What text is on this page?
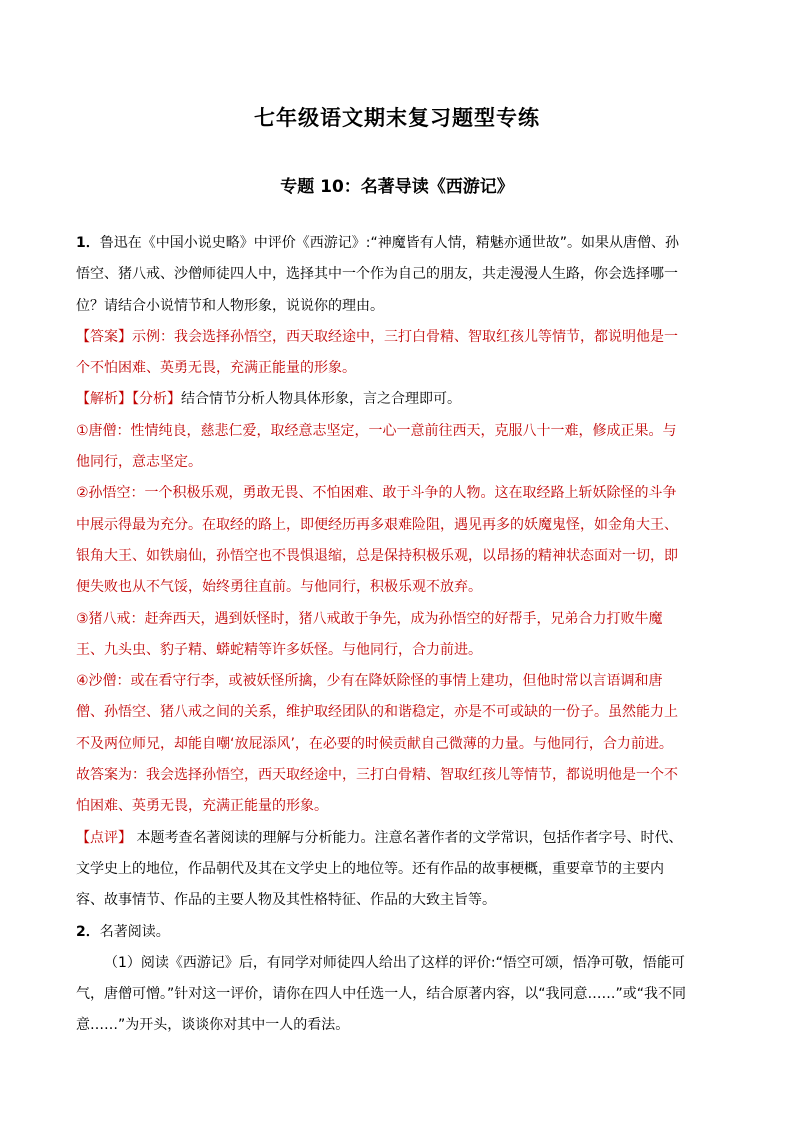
七年级语文期末复习题型专练
专题 10：名著导读《西游记》
1．鲁迅在《中国小说史略》中评价《西游记》:“神魔皆有人情，精魅亦通世故”。如果从唐僧、孙
悟空、猪八戒、沙僧师徒四人中，选择其中一个作为自己的朋友，共走漫漫人生路，你会选择哪一
位？请结合小说情节和人物形象，说说你的理由。
【答案】示例：我会选择孙悟空，西天取经途中，三打白骨精、智取红孩儿等情节，都说明他是一
个不怕困难、英勇无畏，充满正能量的形象。
【解析】【分析】结合情节分析人物具体形象，言之合理即可。
①唐僧：性情纯良，慈悲仁爱，取经意志坚定，一心一意前往西天，克服八十一难，修成正果。与
他同行，意志坚定。
②孙悟空：一个积极乐观，勇敢无畏、不怕困难、敢于斗争的人物。这在取经路上斩妖除怪的斗争
中展示得最为充分。在取经的路上，即便经历再多艰难险阻，遇见再多的妖魔鬼怪，如金角大王、
银角大王、如铁扇仙，孙悟空也不畏惧退缩，总是保持积极乐观，以昂扬的精神状态面对一切，即
便失败也从不气馁，始终勇往直前。与他同行，积极乐观不放弃。
③猪八戒：赶奔西天，遇到妖怪时，猪八戒敢于争先，成为孙悟空的好帮手，兄弟合力打败牛魔
王、九头虫、豹子精、蟒蛇精等许多妖怪。与他同行，合力前进。
④沙僧：或在看守行李，或被妖怪所擒，少有在降妖除怪的事情上建功，但他时常以言语调和唐
僧、孙悟空、猪八戒之间的关系，维护取经团队的和谐稳定，亦是不可或缺的一份子。虽然能力上
不及两位师兄，却能自嘲‘放屁添风’，在必要的时候贡献自己微薄的力量。与他同行，合力前进。
故答案为：我会选择孙悟空，西天取经途中，三打白骨精、智取红孩儿等情节，都说明他是一个不
怕困难、英勇无畏，充满正能量的形象。
【点评】 本题考查名著阅读的理解与分析能力。注意名著作者的文学常识，包括作者字号、时代、
文学史上的地位，作品朝代及其在文学史上的地位等。还有作品的故事梗概，重要章节的主要内
容、故事情节、作品的主要人物及其性格特征、作品的大致主旨等。
2．名著阅读。
（1）阅读《西游记》后，有同学对师徒四人给出了这样的评价:“悟空可颂，悟净可敬，悟能可
气，唐僧可憎。”针对这一评价，请你在四人中任选一人，结合原著内容，以“我同意……”或“我不同
意……”为开头，谈谈你对其中一人的看法。
